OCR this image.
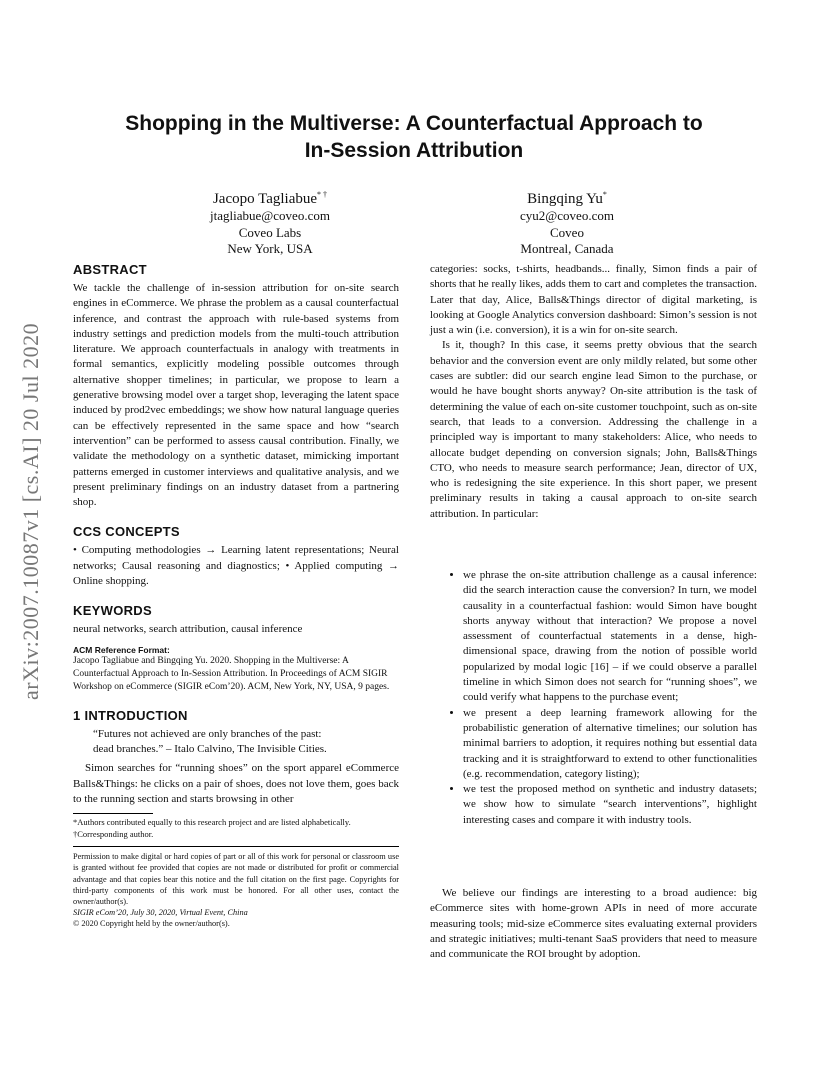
arXiv:2007.10087v1 [cs.AI] 20 Jul 2020
Shopping in the Multiverse: A Counterfactual Approach to
In-Session Attribution
Jacopo Tagliabue* †
jtagliabue@coveo.com
Coveo Labs
New York, USA
Bingqing Yu*
cyu2@coveo.com
Coveo
Montreal, Canada
ABSTRACT

We tackle the challenge of in-session attribution for on-site search engines in eCommerce. We phrase the problem as a causal counterfactual inference, and contrast the approach with rule-based systems from industry settings and prediction models from the multi-touch attribution literature. We approach counterfactuals in analogy with treatments in formal semantics, explicitly modeling possible outcomes through alternative shopper timelines; in particular, we propose to learn a generative browsing model over a target shop, leveraging the latent space induced by prod2vec embeddings; we show how natural language queries can be effectively represented in the same space and how “search intervention” can be performed to assess causal contribution. Finally, we validate the methodology on a synthetic dataset, mimicking important patterns emerged in customer interviews and qualitative analysis, and we present preliminary findings on an industry dataset from a partnering shop.

CCS CONCEPTS

• Computing methodologies → Learning latent representations; Neural networks; Causal reasoning and diagnostics; • Applied computing → Online shopping.

KEYWORDS

neural networks, search attribution, causal inference

ACM Reference Format:

Jacopo Tagliabue and Bingqing Yu. 2020. Shopping in the Multiverse: A Counterfactual Approach to In-Session Attribution. In Proceedings of ACM SIGIR Workshop on eCommerce (SIGIR eCom’20). ACM, New York, NY, USA, 9 pages.

1 INTRODUCTION
“Futures not achieved are only branches of the past:
dead branches.” – Italo Calvino, The Invisible Cities.

Simon searches for “running shoes” on the sport apparel eCommerce Balls&Things: he clicks on a pair of shoes, does not love them, goes back to the running section and starts browsing in other

*Authors contributed equally to this research project and are listed alphabetically.
†Corresponding author.
Permission to make digital or hard copies of part or all of this work for personal or classroom use is granted without fee provided that copies are not made or distributed for profit or commercial advantage and that copies bear this notice and the full citation on the first page. Copyrights for third-party components of this work must be honored. For all other uses, contact the owner/author(s).
SIGIR eCom’20, July 30, 2020, Virtual Event, China
© 2020 Copyright held by the owner/author(s).

categories: socks, t-shirts, headbands... finally, Simon finds a pair of shorts that he really likes, adds them to cart and completes the transaction. Later that day, Alice, Balls&Things director of digital marketing, is looking at Google Analytics conversion dashboard: Simon’s session is not just a win (i.e. conversion), it is a win for on-site search.

Is it, though? In this case, it seems pretty obvious that the search behavior and the conversion event are only mildly related, but some other cases are subtler: did our search engine lead Simon to the purchase, or would he have bought shorts anyway? On-site attribution is the task of determining the value of each on-site customer touchpoint, such as on-site search, that leads to a conversion. Addressing the challenge in a principled way is important to many stakeholders: Alice, who needs to allocate budget depending on conversion signals; John, Balls&Things CTO, who needs to measure search performance; Jean, director of UX, who is redesigning the site experience. In this short paper, we present preliminary results in taking a causal approach to on-site search attribution. In particular:

• we phrase the on-site attribution challenge as a causal inference: did the search interaction cause the conversion? In turn, we model causality in a counterfactual fashion: would Simon have bought shorts anyway without that interaction? We propose a novel assessment of counterfactual statements in a dense, high-dimensional space, drawing from the notion of possible world popularized by modal logic [16] – if we could observe a parallel timeline in which Simon does not search for “running shoes”, we could verify what happens to the purchase event;
• we present a deep learning framework allowing for the probabilistic generation of alternative timelines; our solution has minimal barriers to adoption, it requires nothing but essential data tracking and it is straightforward to extend to other functionalities (e.g. recommendation, category listing);
• we test the proposed method on synthetic and industry datasets; we show how to simulate “search interventions”, highlight interesting cases and compare it with industry tools.

We believe our findings are interesting to a broad audience: big eCommerce sites with home-grown APIs in need of more accurate measuring tools; mid-size eCommerce sites evaluating external providers and strategic initiatives; multi-tenant SaaS providers that need to measure and communicate the ROI brought by adoption.
